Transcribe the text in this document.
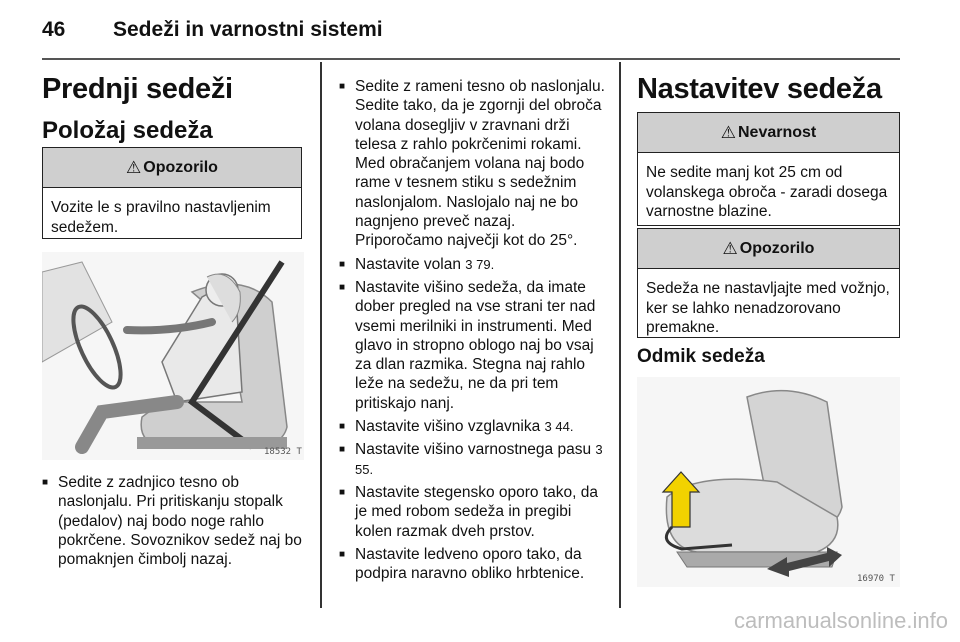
46 Sedeži in varnostni sistemi
Prednji sedeži
Položaj sedeža
⚠ Opozorilo
Vozite le s pravilno nastavljenim sedežem.
18532 T
■ Sedite z zadnjico tesno ob naslonjalu. Pri pritiskanju stopalk (pedalov) naj bodo noge rahlo pokrčene. Sovoznikov sedež naj bo pomaknjen čimbolj nazaj.
■ Sedite z rameni tesno ob naslonjalu. Sedite tako, da je zgornji del obroča volana dosegljiv v zravnani drži telesa z rahlo pokrčenimi rokami. Med obračanjem volana naj bodo rame v tesnem stiku s sedežnim naslonjalom. Naslojalo naj ne bo nagnjeno preveč nazaj. Priporočamo največji kot do 25°.
■ Nastavite volan 3 79.
■ Nastavite višino sedeža, da imate dober pregled na vse strani ter nad vsemi merilniki in instrumenti. Med glavo in stropno oblogo naj bo vsaj za dlan razmika. Stegna naj rahlo leže na sedežu, ne da pri tem pritiskajo nanj.
■ Nastavite višino vzglavnika 3 44.
■ Nastavite višino varnostnega pasu 3 55.
■ Nastavite stegensko oporo tako, da je med robom sedeža in pregibi kolen razmak dveh prstov.
■ Nastavite ledveno oporo tako, da podpira naravno obliko hrbtenice.
Nastavitev sedeža
⚠ Nevarnost
Ne sedite manj kot 25 cm od volanskega obroča - zaradi dosega varnostne blazine.
⚠ Opozorilo
Sedeža ne nastavljajte med vožnjo, ker se lahko nenadzorovano premakne.
Odmik sedeža
16970 T
carmanualsonline.info
